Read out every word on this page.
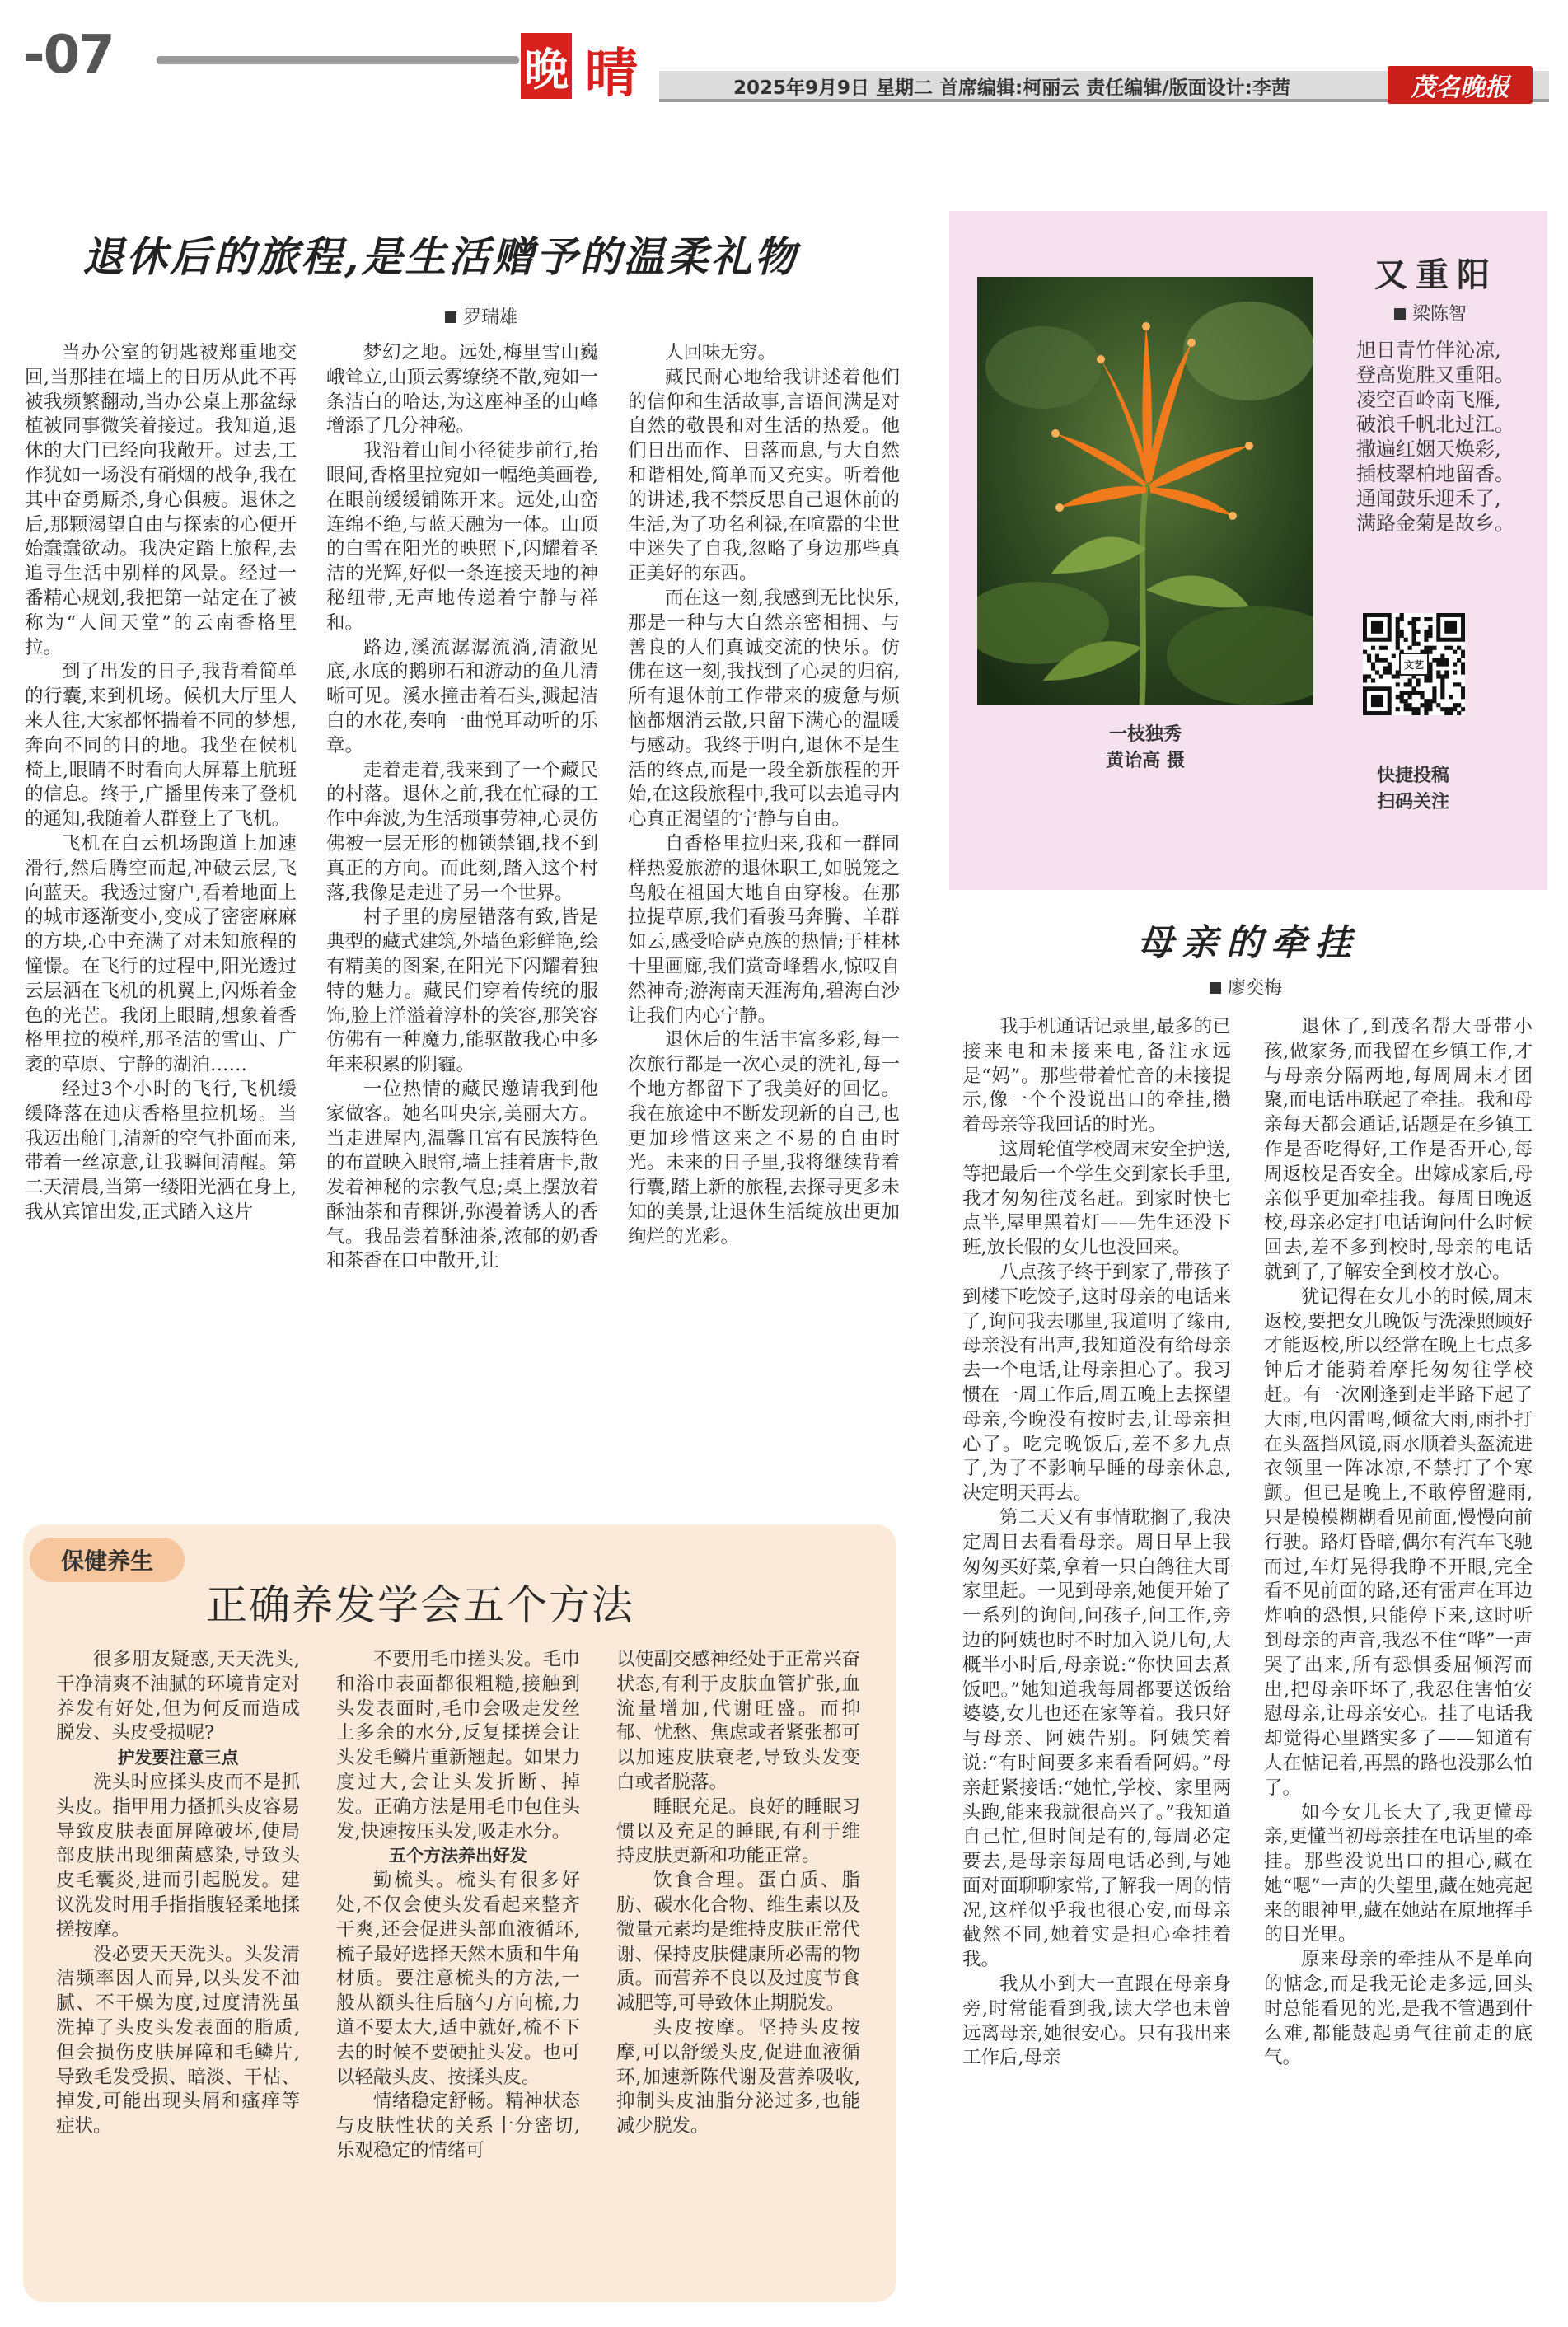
-07	晚 晴	2025年9月9日 星期二 首席编辑:柯丽云 责任编辑/版面设计:李茜	茂名晚报
退休后的旅程,是生活赠予的温柔礼物
罗瑞雄

当办公室的钥匙被郑重地交回,当那挂在墙上的日历从此不再被我频繁翻动,当办公桌上那盆绿植被同事微笑着接过。我知道,退休的大门已经向我敞开。过去,工作犹如一场没有硝烟的战争,我在其中奋勇厮杀,身心俱疲。退休之后,那颗渴望自由与探索的心便开始蠢蠢欲动。我决定踏上旅程,去追寻生活中别样的风景。经过一番精心规划,我把第一站定在了被称为“人间天堂”的云南香格里拉。

到了出发的日子,我背着简单的行囊,来到机场。候机大厅里人来人往,大家都怀揣着不同的梦想,奔向不同的目的地。我坐在候机椅上,眼睛不时看向大屏幕上航班的信息。终于,广播里传来了登机的通知,我随着人群登上了飞机。

飞机在白云机场跑道上加速滑行,然后腾空而起,冲破云层,飞向蓝天。我透过窗户,看着地面上的城市逐渐变小,变成了密密麻麻的方块,心中充满了对未知旅程的憧憬。在飞行的过程中,阳光透过云层洒在飞机的机翼上,闪烁着金色的光芒。我闭上眼睛,想象着香格里拉的模样,那圣洁的雪山、广袤的草原、宁静的湖泊……

经过3个小时的飞行,飞机缓缓降落在迪庆香格里拉机场。当我迈出舱门,清新的空气扑面而来,带着一丝凉意,让我瞬间清醒。第二天清晨,当第一缕阳光洒在身上,我从宾馆出发,正式踏入这片

梦幻之地。远处,梅里雪山巍峨耸立,山顶云雾缭绕不散,宛如一条洁白的哈达,为这座神圣的山峰增添了几分神秘。

我沿着山间小径徒步前行,抬眼间,香格里拉宛如一幅绝美画卷,在眼前缓缓铺陈开来。远处,山峦连绵不绝,与蓝天融为一体。山顶的白雪在阳光的映照下,闪耀着圣洁的光辉,好似一条连接天地的神秘纽带,无声地传递着宁静与祥和。

路边,溪流潺潺流淌,清澈见底,水底的鹅卵石和游动的鱼儿清晰可见。溪水撞击着石头,溅起洁白的水花,奏响一曲悦耳动听的乐章。

走着走着,我来到了一个藏民的村落。退休之前,我在忙碌的工作中奔波,为生活琐事劳神,心灵仿佛被一层无形的枷锁禁锢,找不到真正的方向。而此刻,踏入这个村落,我像是走进了另一个世界。

村子里的房屋错落有致,皆是典型的藏式建筑,外墙色彩鲜艳,绘有精美的图案,在阳光下闪耀着独特的魅力。藏民们穿着传统的服饰,脸上洋溢着淳朴的笑容,那笑容仿佛有一种魔力,能驱散我心中多年来积累的阴霾。

一位热情的藏民邀请我到他家做客。她名叫央宗,美丽大方。当走进屋内,温馨且富有民族特色的布置映入眼帘,墙上挂着唐卡,散发着神秘的宗教气息;桌上摆放着酥油茶和青稞饼,弥漫着诱人的香气。我品尝着酥油茶,浓郁的奶香和茶香在口中散开,让

人回味无穷。

藏民耐心地给我讲述着他们的信仰和生活故事,言语间满是对自然的敬畏和对生活的热爱。他们日出而作、日落而息,与大自然和谐相处,简单而又充实。听着他的讲述,我不禁反思自己退休前的生活,为了功名利禄,在喧嚣的尘世中迷失了自我,忽略了身边那些真正美好的东西。

而在这一刻,我感到无比快乐,那是一种与大自然亲密相拥、与善良的人们真诚交流的快乐。仿佛在这一刻,我找到了心灵的归宿,所有退休前工作带来的疲惫与烦恼都烟消云散,只留下满心的温暖与感动。我终于明白,退休不是生活的终点,而是一段全新旅程的开始,在这段旅程中,我可以去追寻内心真正渴望的宁静与自由。

自香格里拉归来,我和一群同样热爱旅游的退休职工,如脱笼之鸟般在祖国大地自由穿梭。在那拉提草原,我们看骏马奔腾、羊群如云,感受哈萨克族的热情;于桂林十里画廊,我们赏奇峰碧水,惊叹自然神奇;游海南天涯海角,碧海白沙让我们内心宁静。

退休后的生活丰富多彩,每一次旅行都是一次心灵的洗礼,每一个地方都留下了我美好的回忆。我在旅途中不断发现新的自己,也更加珍惜这来之不易的自由时光。未来的日子里,我将继续背着行囊,踏上新的旅程,去探寻更多未知的美景,让退休生活绽放出更加绚烂的光彩。

又重阳
梁陈智
旭日青竹伴沁凉,
登高览胜又重阳。
凌空百岭南飞雁,
破浪千帆北过江。
撒遍红姻天焕彩,
插枝翠柏地留香。
通闻鼓乐迎禾了,
满路金菊是故乡。
文艺
一枝独秀
黄诒高 摄
快捷投稿
扫码关注
母亲的牵挂
廖奕梅

我手机通话记录里,最多的已接来电和未接来电,备注永远是“妈”。那些带着忙音的未接提示,像一个个没说出口的牵挂,攒着母亲等我回话的时光。

这周轮值学校周末安全护送,等把最后一个学生交到家长手里,我才匆匆往茂名赶。到家时快七点半,屋里黑着灯——先生还没下班,放长假的女儿也没回来。

八点孩子终于到家了,带孩子到楼下吃饺子,这时母亲的电话来了,询问我去哪里,我道明了缘由,母亲没有出声,我知道没有给母亲去一个电话,让母亲担心了。我习惯在一周工作后,周五晚上去探望母亲,今晚没有按时去,让母亲担心了。吃完晚饭后,差不多九点了,为了不影响早睡的母亲休息,决定明天再去。

第二天又有事情耽搁了,我决定周日去看看母亲。周日早上我匆匆买好菜,拿着一只白鸽往大哥家里赶。一见到母亲,她便开始了一系列的询问,问孩子,问工作,旁边的阿姨也时不时加入说几句,大概半小时后,母亲说:“你快回去煮饭吧。”她知道我每周都要送饭给婆婆,女儿也还在家等着。我只好与母亲、阿姨告别。阿姨笑着说:“有时间要多来看看阿妈。”母亲赶紧接话:“她忙,学校、家里两头跑,能来我就很高兴了。”我知道自己忙,但时间是有的,每周必定要去,是母亲每周电话必到,与她面对面聊聊家常,了解我一周的情况,这样似乎我也很心安,而母亲截然不同,她着实是担心牵挂着我。

我从小到大一直跟在母亲身旁,时常能看到我,读大学也未曾远离母亲,她很安心。只有我出来工作后,母亲

退休了,到茂名帮大哥带小孩,做家务,而我留在乡镇工作,才与母亲分隔两地,每周周末才团聚,而电话串联起了牵挂。我和母亲每天都会通话,话题是在乡镇工作是否吃得好,工作是否开心,每周返校是否安全。出嫁成家后,母亲似乎更加牵挂我。每周日晚返校,母亲必定打电话询问什么时候回去,差不多到校时,母亲的电话就到了,了解安全到校才放心。

犹记得在女儿小的时候,周末返校,要把女儿晚饭与洗澡照顾好才能返校,所以经常在晚上七点多钟后才能骑着摩托匆匆往学校赶。有一次刚逢到走半路下起了大雨,电闪雷鸣,倾盆大雨,雨扑打在头盔挡风镜,雨水顺着头盔流进衣领里一阵冰凉,不禁打了个寒颤。但已是晚上,不敢停留避雨,只是模模糊糊看见前面,慢慢向前行驶。路灯昏暗,偶尔有汽车飞驰而过,车灯晃得我睁不开眼,完全看不见前面的路,还有雷声在耳边炸响的恐惧,只能停下来,这时听到母亲的声音,我忍不住“哗”一声哭了出来,所有恐惧委屈倾泻而出,把母亲吓坏了,我忍住害怕安慰母亲,让母亲安心。挂了电话我却觉得心里踏实多了——知道有人在惦记着,再黑的路也没那么怕了。

如今女儿长大了,我更懂母亲,更懂当初母亲挂在电话里的牵挂。那些没说出口的担心,藏在她“嗯”一声的失望里,藏在她亮起来的眼神里,藏在她站在原地挥手的目光里。

原来母亲的牵挂从不是单向的惦念,而是我无论走多远,回头时总能看见的光,是我不管遇到什么难,都能鼓起勇气往前走的底气。

保健养生
正确养发学会五个方法

很多朋友疑惑,天天洗头,干净清爽不油腻的环境肯定对养发有好处,但为何反而造成脱发、头皮受损呢?

护发要注意三点

洗头时应揉头皮而不是抓头皮。指甲用力搔抓头皮容易导致皮肤表面屏障破坏,使局部皮肤出现细菌感染,导致头皮毛囊炎,进而引起脱发。建议洗发时用手指指腹轻柔地揉搓按摩。

没必要天天洗头。头发清洁频率因人而异,以头发不油腻、不干燥为度,过度清洗虽洗掉了头皮头发表面的脂质,但会损伤皮肤屏障和毛鳞片,导致毛发受损、暗淡、干枯、掉发,可能出现头屑和瘙痒等症状。

不要用毛巾搓头发。毛巾和浴巾表面都很粗糙,接触到头发表面时,毛巾会吸走发丝上多余的水分,反复揉搓会让头发毛鳞片重新翘起。如果力度过大,会让头发折断、掉发。正确方法是用毛巾包住头发,快速按压头发,吸走水分。

五个方法养出好发

勤梳头。梳头有很多好处,不仅会使头发看起来整齐干爽,还会促进头部血液循环,梳子最好选择天然木质和牛角材质。要注意梳头的方法,一般从额头往后脑勺方向梳,力道不要太大,适中就好,梳不下去的时候不要硬扯头发。也可以轻敲头皮、按揉头皮。

情绪稳定舒畅。精神状态与皮肤性状的关系十分密切,乐观稳定的情绪可

以使副交感神经处于正常兴奋状态,有利于皮肤血管扩张,血流量增加,代谢旺盛。而抑郁、忧愁、焦虑或者紧张都可以加速皮肤衰老,导致头发变白或者脱落。

睡眠充足。良好的睡眠习惯以及充足的睡眠,有利于维持皮肤更新和功能正常。

饮食合理。蛋白质、脂肪、碳水化合物、维生素以及微量元素均是维持皮肤正常代谢、保持皮肤健康所必需的物质。而营养不良以及过度节食减肥等,可导致休止期脱发。

头皮按摩。坚持头皮按摩,可以舒缓头皮,促进血液循环,加速新陈代谢及营养吸收,抑制头皮油脂分泌过多,也能减少脱发。
